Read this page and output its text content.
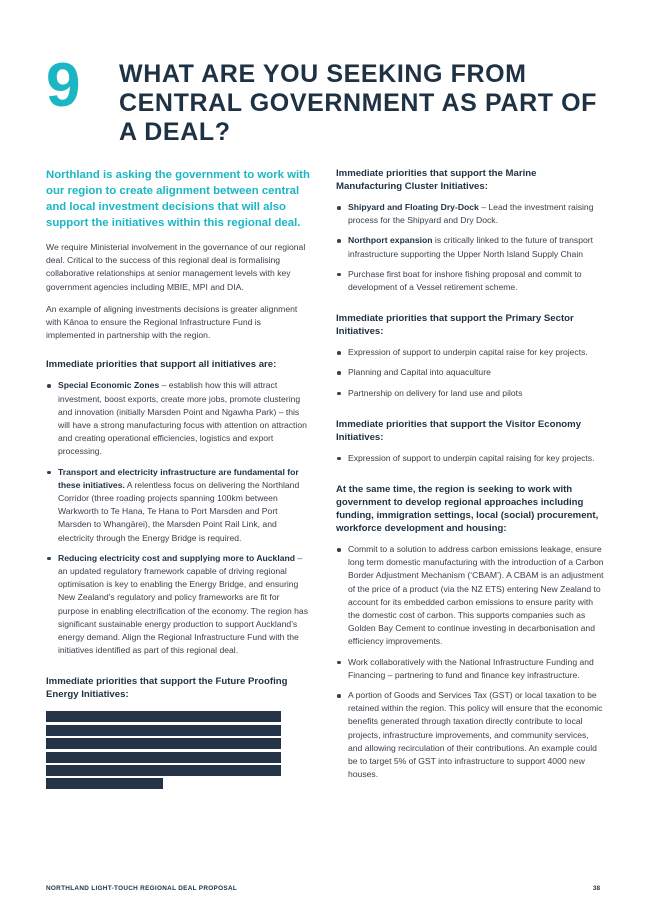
9	WHAT ARE YOU SEEKING FROM CENTRAL GOVERNMENT AS PART OF A DEAL?

Northland is asking the government to work with our region to create alignment between central and local investment decisions that will also support the initiatives within this regional deal.

We require Ministerial involvement in the governance of our regional deal. Critical to the success of this regional deal is formalising collaborative relationships at senior management levels with key government agencies including MBIE, MPI and DIA.

An example of aligning investments decisions is greater alignment with Kānoa to ensure the Regional Infrastructure Fund is implemented in partnership with the region.

Immediate priorities that support all initiatives are:
Special Economic Zones – establish how this will attract investment, boost exports, create more jobs, promote clustering and innovation (initially Marsden Point and Ngawha Park) – this will have a strong manufacturing focus with attention on attraction and creating operational efficiencies, logistics and export processing.
Transport and electricity infrastructure are fundamental for these initiatives. A relentless focus on delivering the Northland Corridor (three roading projects spanning 100km between Warkworth to Te Hana, Te Hana to Port Marsden and Port Marsden to Whangārei), the Marsden Point Rail Link, and electricity through the Energy Bridge is required.
Reducing electricity cost and supplying more to Auckland – an updated regulatory framework capable of driving regional optimisation is key to enabling the Energy Bridge, and ensuring New Zealand’s regulatory and policy frameworks are fit for purpose in enabling electrification of the economy. The region has significant sustainable energy production to support Auckland’s energy demand. Align the Regional Infrastructure Fund with the initiatives identified as part of this regional deal.
Immediate priorities that support the Future Proofing Energy Initiatives:
Immediate priorities that support the Marine Manufacturing Cluster Initiatives:
Shipyard and Floating Dry-Dock – Lead the investment raising process for the Shipyard and Dry Dock.
Northport expansion is critically linked to the future of transport infrastructure supporting the Upper North Island Supply Chain
Purchase first boat for inshore fishing proposal and commit to development of a Vessel retirement scheme.
Immediate priorities that support the Primary Sector Initiatives:
Expression of support to underpin capital raise for key projects.
Planning and Capital into aquaculture
Partnership on delivery for land use and pilots
Immediate priorities that support the Visitor Economy Initiatives:
Expression of support to underpin capital raising for key projects.
At the same time, the region is seeking to work with government to develop regional approaches including funding, immigration settings, local (social) procurement, workforce development and housing:
Commit to a solution to address carbon emissions leakage, ensure long term domestic manufacturing with the introduction of a Carbon Border Adjustment Mechanism (‘CBAM’). A CBAM is an adjustment of the price of a product (via the NZ ETS) entering New Zealand to account for its embedded carbon emissions to ensure parity with the domestic cost of carbon. This supports companies such as Golden Bay Cement to continue investing in decarbonisation and efficiency improvements.
Work collaboratively with the National Infrastructure Funding and Financing – partnering to fund and finance key infrastructure.
A portion of Goods and Services Tax (GST) or local taxation to be retained within the region. This policy will ensure that the economic benefits generated through taxation directly contribute to local projects, infrastructure improvements, and community services, and allowing recirculation of their contributions. An example could be to target 5% of GST into infrastructure to support 4000 new houses.
NORTHLAND LIGHT-TOUCH REGIONAL DEAL PROPOSAL	38
